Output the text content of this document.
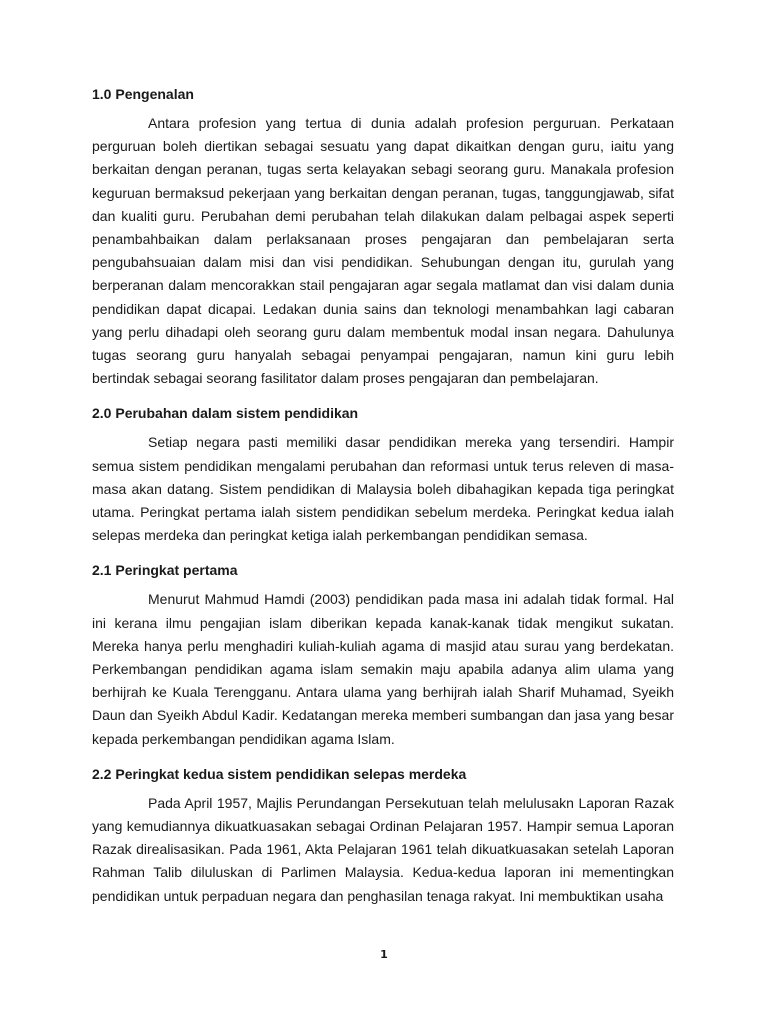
1.0 Pengenalan

Antara profesion yang tertua di dunia adalah profesion perguruan. Perkataan perguruan boleh diertikan sebagai sesuatu yang dapat dikaitkan dengan guru, iaitu yang berkaitan dengan peranan, tugas serta kelayakan sebagi seorang guru. Manakala profesion keguruan bermaksud pekerjaan yang berkaitan dengan peranan, tugas, tanggungjawab, sifat dan kualiti guru. Perubahan demi perubahan telah dilakukan dalam pelbagai aspek seperti penambahbaikan dalam perlaksanaan proses pengajaran dan pembelajaran serta pengubahsuaian dalam misi dan visi pendidikan. Sehubungan dengan itu, gurulah yang berperanan dalam mencorakkan stail pengajaran agar segala matlamat dan visi dalam dunia pendidikan dapat dicapai. Ledakan dunia sains dan teknologi menambahkan lagi cabaran yang perlu dihadapi oleh seorang guru dalam membentuk modal insan negara. Dahulunya tugas seorang guru hanyalah sebagai penyampai pengajaran, namun kini guru lebih bertindak sebagai seorang fasilitator dalam proses pengajaran dan pembelajaran.

2.0 Perubahan dalam sistem pendidikan

Setiap negara pasti memiliki dasar pendidikan mereka yang tersendiri. Hampir semua sistem pendidikan mengalami perubahan dan reformasi untuk terus releven di masa-masa akan datang. Sistem pendidikan di Malaysia boleh dibahagikan kepada tiga peringkat utama. Peringkat pertama ialah sistem pendidikan sebelum merdeka. Peringkat kedua ialah selepas merdeka dan peringkat ketiga ialah perkembangan pendidikan semasa.

2.1 Peringkat pertama

Menurut Mahmud Hamdi (2003) pendidikan pada masa ini adalah tidak formal. Hal ini kerana ilmu pengajian islam diberikan kepada kanak-kanak tidak mengikut sukatan. Mereka hanya perlu menghadiri kuliah-kuliah agama di masjid atau surau yang berdekatan. Perkembangan pendidikan agama islam semakin maju apabila adanya alim ulama yang berhijrah ke Kuala Terengganu. Antara ulama yang berhijrah ialah Sharif Muhamad, Syeikh Daun dan Syeikh Abdul Kadir. Kedatangan mereka memberi sumbangan dan jasa yang besar kepada perkembangan pendidikan agama Islam.

2.2 Peringkat kedua sistem pendidikan selepas merdeka

Pada April 1957, Majlis Perundangan Persekutuan telah melulusakn Laporan Razak yang kemudiannya dikuatkuasakan sebagai Ordinan Pelajaran 1957. Hampir semua Laporan Razak direalisasikan. Pada 1961, Akta Pelajaran 1961 telah dikuatkuasakan setelah Laporan Rahman Talib diluluskan di Parlimen Malaysia. Kedua-kedua laporan ini mementingkan pendidikan untuk perpaduan negara dan penghasilan tenaga rakyat. Ini membuktikan usaha

1
